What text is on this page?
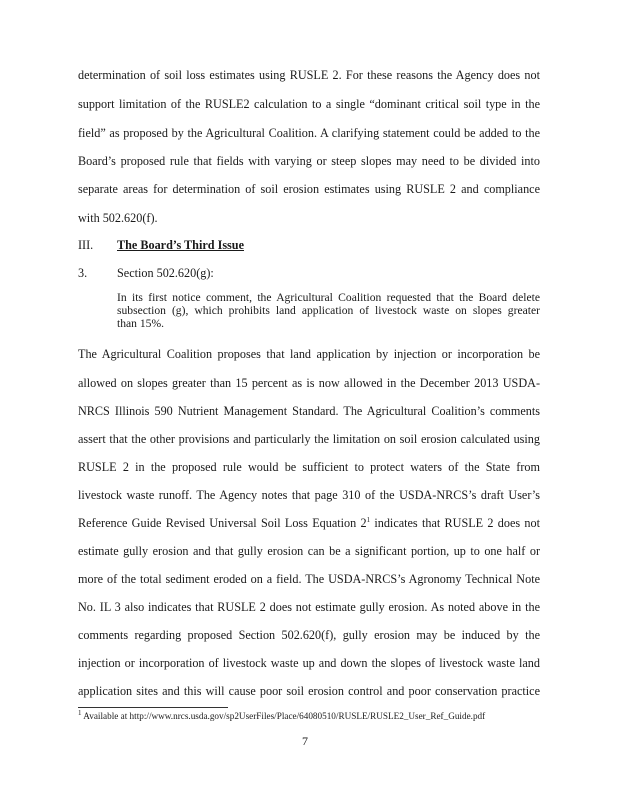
determination of soil loss estimates using RUSLE 2. For these reasons the Agency does not
support limitation of the RUSLE2 calculation to a single “dominant critical soil type in the
field” as proposed by the Agricultural Coalition. A clarifying statement could be added to the
Board’s proposed rule that fields with varying or steep slopes may need to be divided into
separate areas for determination of soil erosion estimates using RUSLE 2 and compliance
with 502.620(f).
III. The Board’s Third Issue
3. Section 502.620(g):
In its first notice comment, the Agricultural Coalition requested that the Board delete
subsection (g), which prohibits land application of livestock waste on slopes greater
than 15%.
The Agricultural Coalition proposes that land application by injection or incorporation be
allowed on slopes greater than 15 percent as is now allowed in the December 2013 USDA-
NRCS Illinois 590 Nutrient Management Standard. The Agricultural Coalition’s comments
assert that the other provisions and particularly the limitation on soil erosion calculated using
RUSLE 2 in the proposed rule would be sufficient to protect waters of the State from
livestock waste runoff. The Agency notes that page 310 of the USDA-NRCS’s draft User’s
Reference Guide Revised Universal Soil Loss Equation 2$^1$ indicates that RUSLE 2 does not
estimate gully erosion and that gully erosion can be a significant portion, up to one half or
more of the total sediment eroded on a field. The USDA-NRCS’s Agronomy Technical Note
No. IL 3 also indicates that RUSLE 2 does not estimate gully erosion. As noted above in the
comments regarding proposed Section 502.620(f), gully erosion may be induced by the
injection or incorporation of livestock waste up and down the slopes of livestock waste land
application sites and this will cause poor soil erosion control and poor conservation practice
$^1$ Available at http://www.nrcs.usda.gov/sp2UserFiles/Place/64080510/RUSLE/RUSLE2_User_Ref_Guide.pdf
7
